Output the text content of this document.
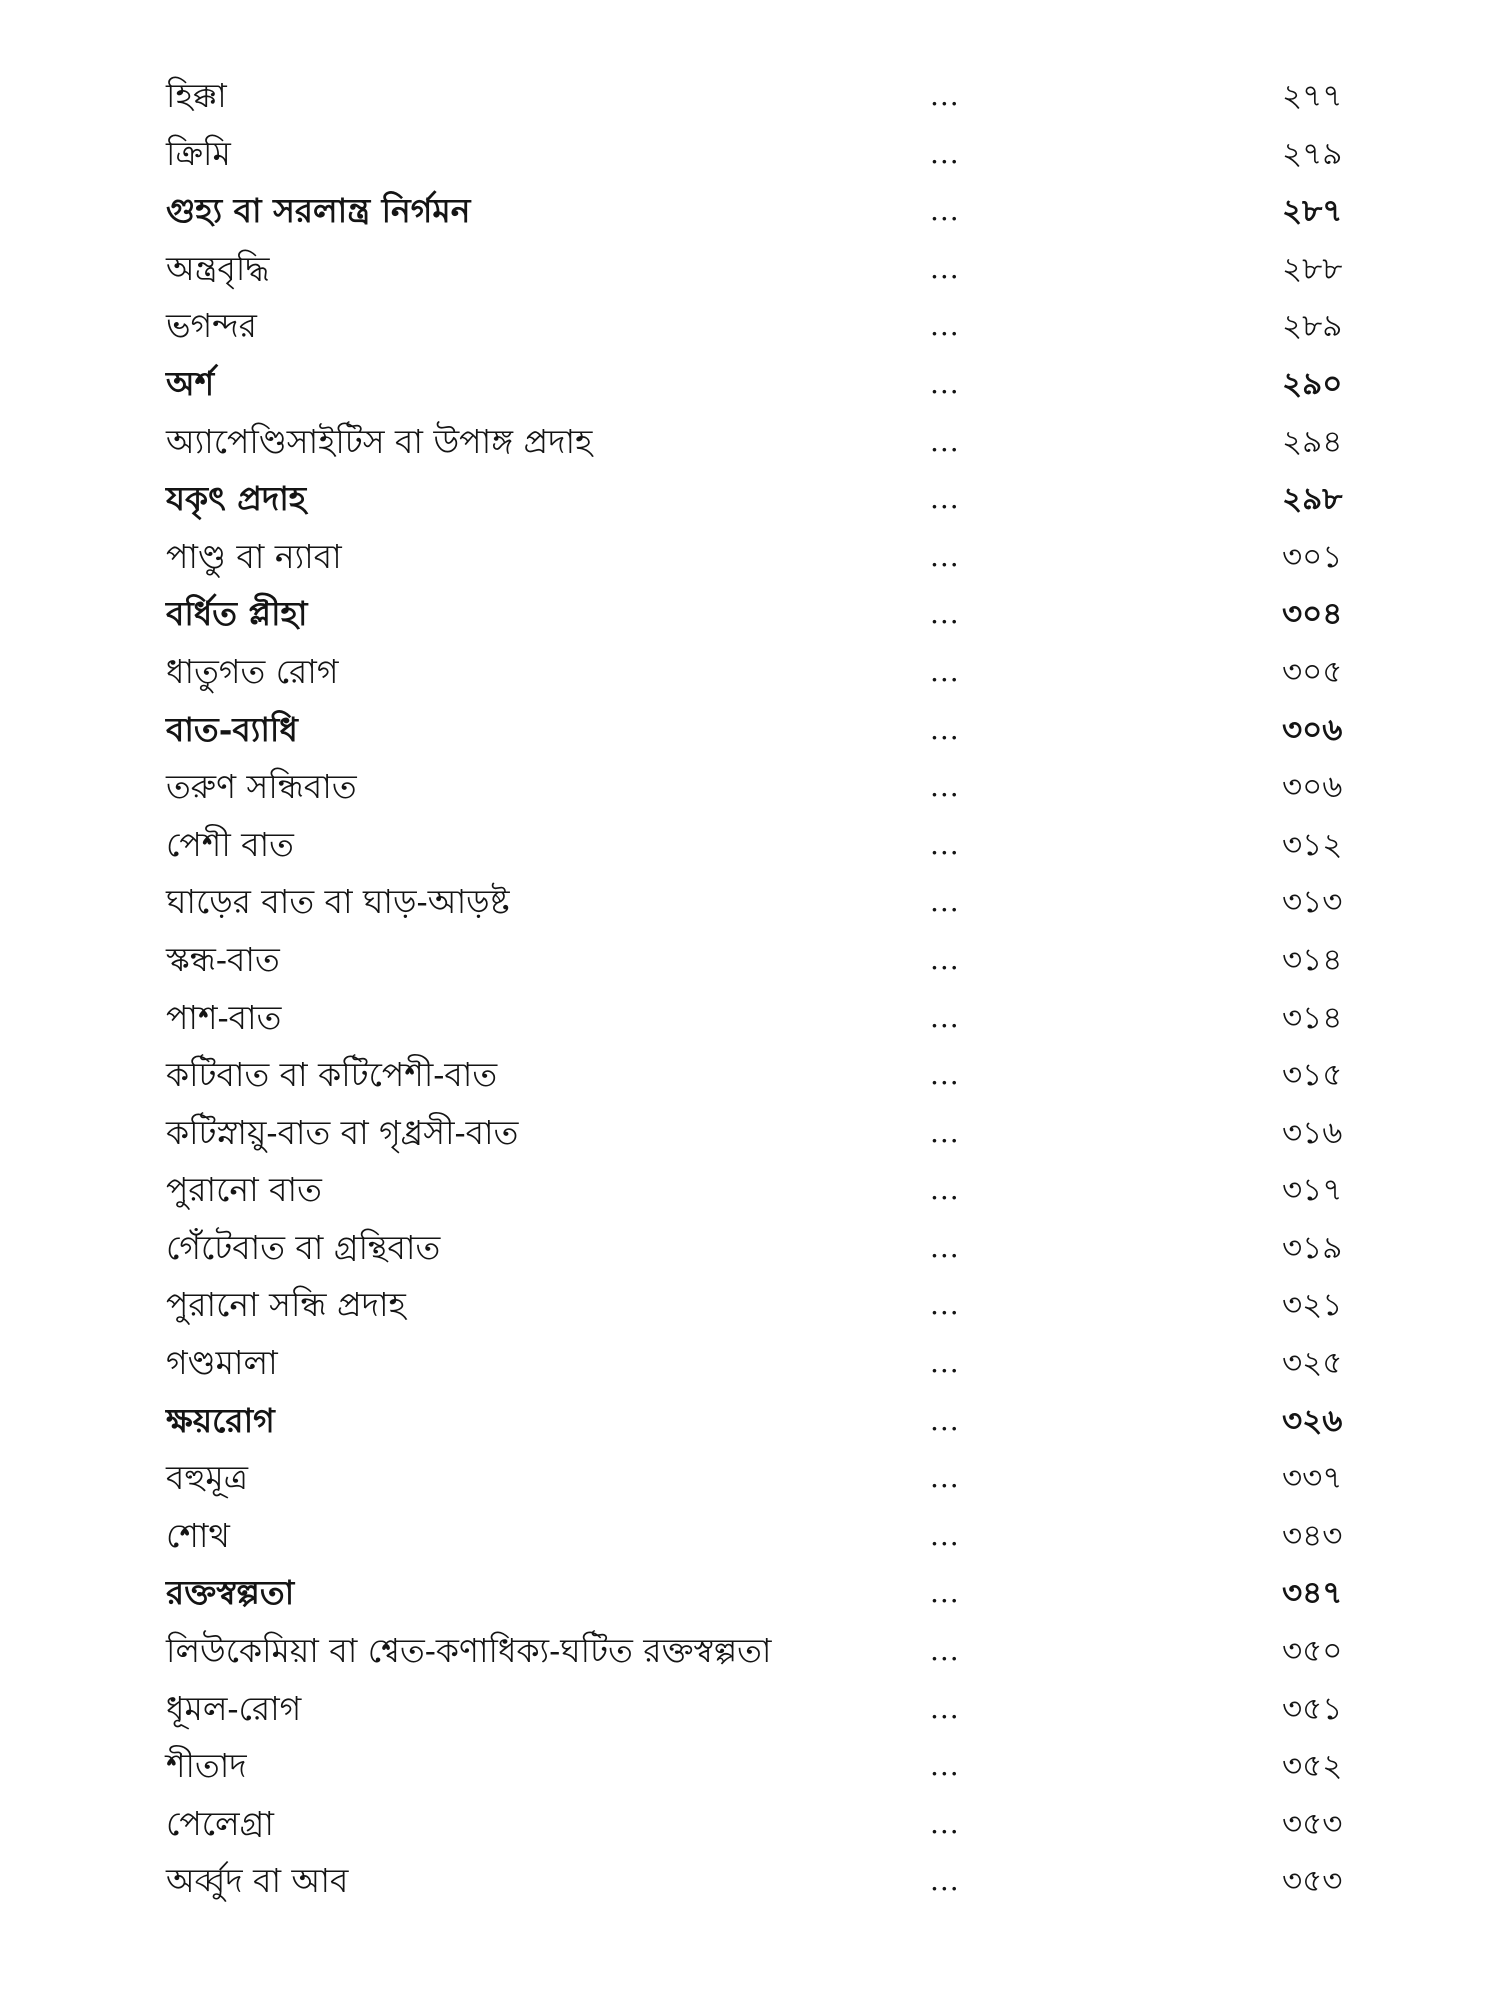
হিক্কা	...	২৭৭
ক্রিমি	...	২৭৯
গুহ্য বা সরলান্ত্র নির্গমন	...	২৮৭
অন্ত্রবৃদ্ধি	...	২৮৮
ভগন্দর	...	২৮৯
অর্শ	...	২৯০
অ্যাপেণ্ডিসাইটিস বা উপাঙ্গ প্রদাহ	...	২৯৪
যকৃৎ প্রদাহ	...	২৯৮
পাণ্ডু বা ন্যাবা	...	৩০১
বর্ধিত প্লীহা	...	৩০৪
ধাতুগত রোগ	...	৩০৫
বাত-ব্যাধি	...	৩০৬
তরুণ সন্ধিবাত	...	৩০৬
পেশী বাত	...	৩১২
ঘাড়ের বাত বা ঘাড়-আড়ষ্ট	...	৩১৩
স্কন্ধ-বাত	...	৩১৪
পাশ-বাত	...	৩১৪
কটিবাত বা কটিপেশী-বাত	...	৩১৫
কটিস্নায়ু-বাত বা গৃধ্রসী-বাত	...	৩১৬
পুরানো বাত	...	৩১৭
গেঁটেবাত বা গ্রন্থিবাত	...	৩১৯
পুরানো সন্ধি প্রদাহ	...	৩২১
গণ্ডমালা	...	৩২৫
ক্ষয়রোগ	...	৩২৬
বহুমূত্র	...	৩৩৭
শোথ	...	৩৪৩
রক্তস্বল্পতা	...	৩৪৭
লিউকেমিয়া বা শ্বেত-কণাধিক্য-ঘটিত রক্তস্বল্পতা	...	৩৫০
ধূমল-রোগ	...	৩৫১
শীতাদ	...	৩৫২
পেলেগ্রা	...	৩৫৩
অর্ব্বুদ বা আব	...	৩৫৩
